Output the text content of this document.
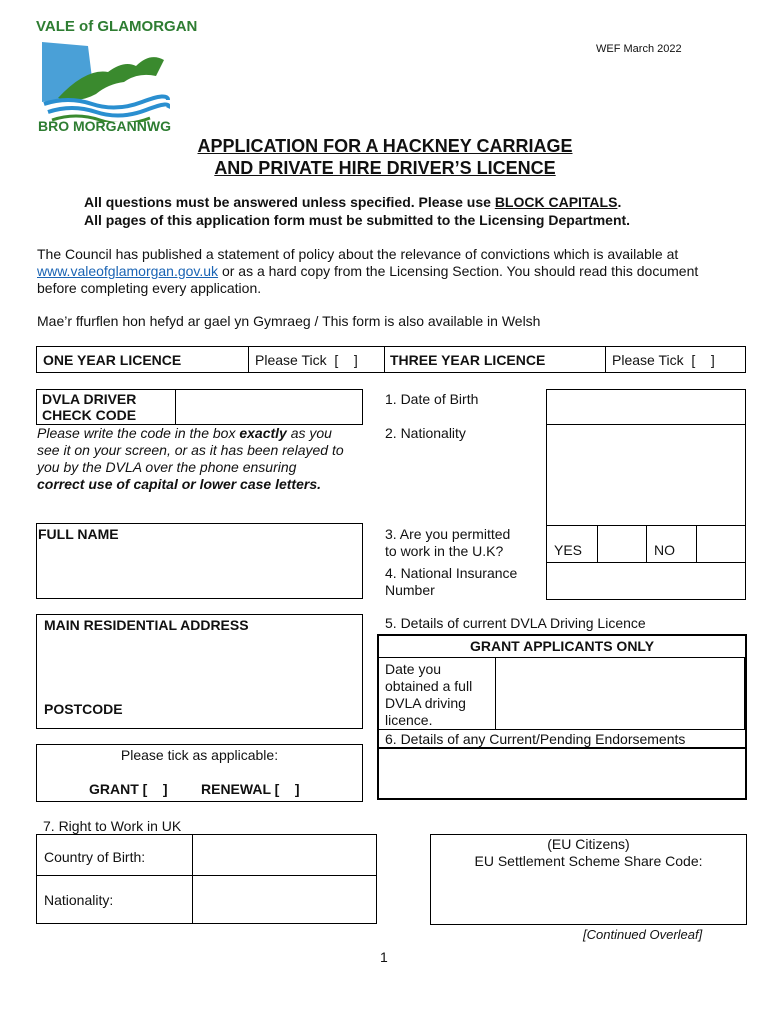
VALE of GLAMORGAN
BRO MORGANNWG
WEF March 2022
APPLICATION FOR A HACKNEY CARRIAGE
AND PRIVATE HIRE DRIVER’S LICENCE
All questions must be answered unless specified. Please use BLOCK CAPITALS.
All pages of this application form must be submitted to the Licensing Department.
The Council has published a statement of policy about the relevance of convictions which is available at www.valeofglamorgan.gov.uk or as a hard copy from the Licensing Section. You should read this document before completing every application.
Mae’r ffurflen hon hefyd ar gael yn Gymraeg / This form is also available in Welsh
ONE YEAR LICENCE	Please Tick  [    ] THREE YEAR LICENCE	Please Tick  [    ]
DVLA DRIVER
CHECK CODE
Please write the code in the box exactly as you see it on your screen, or as it has been relayed to you by the DVLA over the phone ensuring correct use of capital or lower case letters.
1. Date of Birth
2. Nationality
3. Are you permitted
to work in the U.K?	YES	NO
4. National Insurance
Number
5. Details of current DVLA Driving Licence
GRANT APPLICANTS ONLY
Date you
obtained a full
DVLA driving
licence.
6. Details of any Current/Pending Endorsements
FULL NAME
MAIN RESIDENTIAL ADDRESS
POSTCODE
Please tick as applicable:
GRANT [    ] RENEWAL [    ]
7. Right to Work in UK
Country of Birth:
Nationality:
(EU Citizens)
EU Settlement Scheme Share Code:
[Continued Overleaf]
1
